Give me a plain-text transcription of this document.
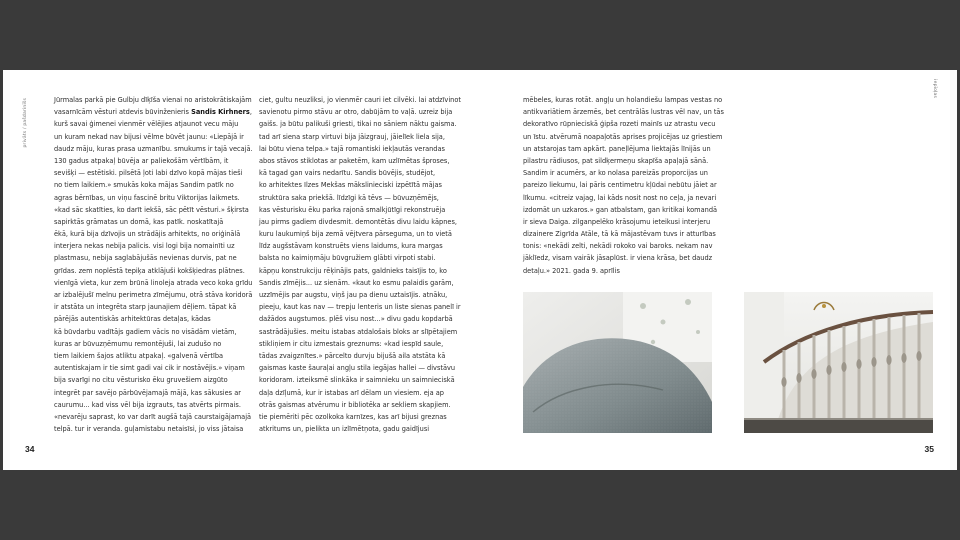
privāts / pašdarinīšs
34
iepīoļas
35
Jūrmalas parkā pie Gulbju dīķīša vienai no aristokrātiskajām
vasarnīcām vēsturi atdevis būvinženieris Sandis Kirhners,
kurš savai ģimenei vienmēr vēlējies atjaunot vecu māju
un kuram nekad nav bijusi vēlme būvēt jaunu: «Liepājā ir
daudz māju, kuras prasa uzmanību. smukums ir tajā vecajā.
130 gadus atpakaļ būvēja ar paliekošām vērtībām, it
sevišķi — estētiski. pilsētā ļoti labi dzīvo kopā mājas tieši
no tiem laikiem.» smukās koka mājas Sandim patīk no
agras bērnības, un viņu fascinē britu Viktorijas laikmets.
«kad sāc skatīties, ko darīt iekšā, sāc pētīt vēsturi.» šķirsta
sapirktās grāmatas un domā, kas patīk. noskatītajā
ēkā, kurā bija dzīvojis un strādājis arhitekts, no oriģinālā
interjera nekas nebija palicis. visi logi bija nomainīti uz
plastmasu, nebija saglabājušās nevienas durvis, pat ne
grīdas. zem noplēstā tepiķa atklājuši kokšķiedras plātnes.
vienīgā vieta, kur zem brūnā linoleja atrada veco koka grīdu
ar izbalējušī melnu perimetra zīmējumu, otrā stāva koridorā
ir atstāta un integrēta starp jaunajiem dēļiem. tāpat kā
pārējās autentiskās arhitektūras detaļas, kādas
kā būvdarbu vadītājs gadiem vācis no visādām vietām,
kuras ar būvuzņēmumu remontējuši, lai zudušo no
tiem laikiem šajos atliktu atpakaļ. «galvenā vērtība
autentiskajam ir tie simt gadi vai cik ir nostāvējis.» viņam
bija svarīgi no citu vēsturisko ēku gruvešiem aizgūto
integrēt par savējo pārbūvējamajā mājā, kas sākusies ar
caurumu... kad viss vēl bija izgrauts, tas atvērts pirmais.
«nevarēju saprast, ko var darīt augšā tajā caurstaigājamajā
telpā. tur ir veranda. guļamistabu netaisīsi, jo viss jātaisa
ciet, gultu neuzliksi, jo vienmēr cauri iet cilvēki. lai atdzīvinot
savienotu pirmo stāvu ar otro, dabūjām to vaļā. uzreiz bija
gaišs. ja būtu palikuši griesti, tikai no sāniem nāktu gaisma.
tad arī siena starp virtuvi bija jāizgrauj, jāielīek liela sija,
lai būtu viena telpa.» tajā romantiski iekļautās verandas
abos stāvos stiklotas ar paketēm, kam uzlīmētas šproses,
kā tagad gan vairs nedarītu. Sandis būvējis, studējot,
ko arhitektes Ilzes Mekšas mākslinieciski izpētītā mājas
struktūra saka priekšā. līdzīgi kā tēvs — būvuzņēmējs,
kas vēsturisku ēku parka rajonā smalkjūtīgi rekonstruēja
jau pirms gadiem divdesmit. demontētās divu laidu kāpnes,
kuru laukumiņš bija zemā vējtvera pārseguma, un to vietā
līdz augšstāvam konstruēts viens laidums, kura margas
balsta no kaimiņmāju būvgružiem glābti virpoti stabi.
kāpņu konstrukciju rēķinājis pats, galdnieks taisījis to, ko
Sandis zīmējis... uz sienām. «kaut ko esmu palaidis garām,
uzzīmējis par augstu, viņš jau pa dienu uztaisījis. atnāku,
pieeju, kaut kas nav — trepju lenteris un liste sienas panelī ir
dažādos augstumos. plēš visu nost...» divu gadu kopdarbā
sastrādājušies. meitu istabas atdalošais bloks ar slīpētajiem
stikliņiem ir citu izmestais greznums: «kad iespīd saule,
tādas zvaigznītes.» pārcelto durvju bijušā aila atstāta kā
gaismas kaste šauraļai angļu stila iegājas hallei — divstāvu
koridoram. izteiksmē slinkāka ir saimnieku un saimnieciskā
daļa dzīļumā, kur ir istabas arī dēlam un viesiem. eja ap
otrās gaismas atvērumu ir bibliotēka ar sekliem skapjiem.
tie piemēriti pēc ozolkoka karnīzes, kas arī bijusi greznas
atkritums un, pielikta un izlīmētņota, gadu gaidījusi
mēbeles, kuras rotāt. angļu un holandiešu lampas vestas no
antikvariātiem ārzemēs, bet centrālās lustras vēl nav, un tās
dekoratīvo rūpnieciskā ģipša rozeti mainīs uz atrastu vecu
un īstu. atvērumā noapaļotās aprises projicējas uz griestiem
un atstarojas tam apkārt. paneļlējuma liektajās līnijās un
pilastru rādiusos, pat sildķermeņu skapīša apaļajā sānā.
Sandim ir acumērs, ar ko nolasa pareizās proporcijas un
pareizo liekumu, lai pāris centimetru kļūdai nebūtu jāiet ar
līkumu. «citreiz vajag, lai kāds nosit nost no ceļa, ja nevari
izdomāt un uzkaros.» gan atbalstam, gan kritikai komandā
ir sieva Daiga. zilganpelēko krāsojumu ieteikusi interjeru
dizainere Zigrīda Atāle, tā kā mājastēvam tuvs ir atturības
tonis: «nekādi zelti, nekādi rokoko vai baroks. nekam nav
jāklīedz, visam vairāk jāsaplūst. ir viena krāsa, bet daudz
detaļu.» 2021. gada 9. aprīlis
